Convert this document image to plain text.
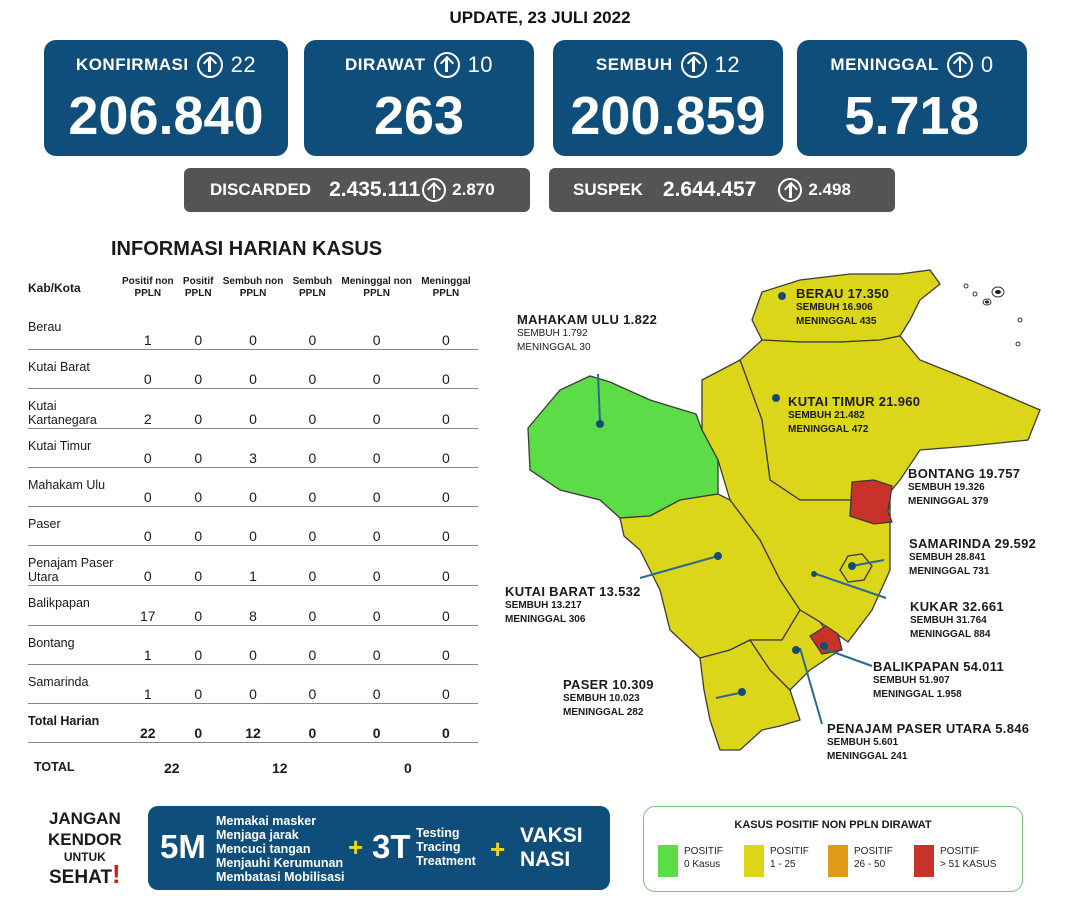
UPDATE, 23 JULI 2022
KONFIRMASI 22
206.840
DIRAWAT 10
263
SEMBUH 12
200.859
MENINGGAL 0
5.718
DISCARDED 2.435.111 2.870	SUSPEK 2.644.457	2.498
INFORMASI HARIAN KASUS
Kab/Kota	Positif non PPLN	Positif PPLN	Sembuh non PPLN	Sembuh PPLN	Meninggal non PPLN	Meninggal PPLN
Berau	1	0	0	0	0	0
Kutai Barat	0	0	0	0	0	0
Kutai Kartanegara	2	0	0	0	0	0
Kutai Timur	0	0	3	0	0	0
Mahakam Ulu	0	0	0	0	0	0
Paser	0	0	0	0	0	0
Penajam Paser Utara	0	0	1	0	0	0
Balikpapan	17	0	8	0	0	0
Bontang	1	0	0	0	0	0
Samarinda	1	0	0	0	0	0
Total Harian	22	0	12	0	0	0
TOTAL	22	12	0
BERAU 17.350
SEMBUH 16.906
MENINGGAL 435
MAHAKAM ULU 1.822
SEMBUH 1.792
MENINGGAL 30
KUTAI TIMUR 21.960
SEMBUH 21.482
MENINGGAL 472
BONTANG 19.757
SEMBUH 19.326
MENINGGAL 379
SAMARINDA 29.592
SEMBUH 28.841
MENINGGAL 731
KUTAI BARAT 13.532
SEMBUH 13.217
MENINGGAL 306
KUKAR 32.661
SEMBUH 31.764
MENINGGAL 884
BALIKPAPAN 54.011
SEMBUH 51.907
MENINGGAL 1.958
PASER 10.309
SEMBUH 10.023
MENINGGAL 282
PENAJAM PASER UTARA 5.846
SEMBUH 5.601
MENINGGAL 241
JANGAN
KENDOR
UNTUK
SEHAT!
5M
Memakai masker
Menjaga jarak
Mencuci tangan
Menjauhi Kerumunan
Membatasi Mobilisasi
+ 3T Testing
Tracing
Treatment + VAKSI
NASI
KASUS POSITIF NON PPLN DIRAWAT
POSITIF
0 Kasus
POSITIF
1 - 25
POSITIF
26 - 50
POSITIF
> 51 KASUS
